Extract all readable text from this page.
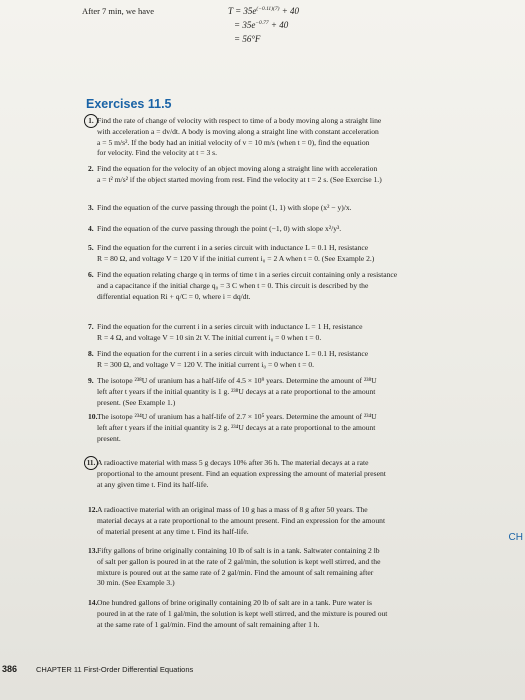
After 7 min, we have	$T = 35e^{(-0.11)(7)} + 40$
= $35e^{-0.77} + 40$
= 56°F
Exercises 11.5
1. Find the rate of change of velocity with respect to time of a body moving along a straight line
with acceleration a = dv/dt. A body is moving along a straight line with constant acceleration
a = 5 m/s². If the body had an initial velocity of v = 10 m/s (when t = 0), find the equation
for velocity. Find the velocity at t = 3 s.
2. Find the equation for the velocity of an object moving along a straight line with acceleration
a = t² m/s² if the object started moving from rest. Find the velocity at t = 2 s. (See Exercise 1.)
3. Find the equation of the curve passing through the point (1, 1) with slope (x² − y)/x.
4. Find the equation of the curve passing through the point (−1, 0) with slope x²/y³.
5. Find the equation for the current i in a series circuit with inductance L = 0.1 H, resistance
R = 80 Ω, and voltage V = 120 V if the initial current i₀ = 2 A when t = 0. (See Example 2.)
6. Find the equation relating charge q in terms of time t in a series circuit containing only a resistance
and a capacitance if the initial charge q₀ = 3 C when t = 0. This circuit is described by the
differential equation Ri + q/C = 0, where i = dq/dt.
7. Find the equation for the current i in a series circuit with inductance L = 1 H, resistance
R = 4 Ω, and voltage V = 10 sin 2t V. The initial current i₀ = 0 when t = 0.
8. Find the equation for the current i in a series circuit with inductance L = 0.1 H, resistance
R = 300 Ω, and voltage V = 120 V. The initial current i₀ = 0 when t = 0.
9. The isotope ²³⁸U of uranium has a half-life of 4.5 × 10⁹ years. Determine the amount of ²³⁸U
left after t years if the initial quantity is 1 g. ²³⁸U decays at a rate proportional to the amount
present. (See Example 1.)
10. The isotope ²³⁴U of uranium has a half-life of 2.7 × 10⁵ years. Determine the amount of ²³⁴U
left after t years if the initial quantity is 2 g. ²³⁴U decays at a rate proportional to the amount
present.
11. A radioactive material with mass 5 g decays 10% after 36 h. The material decays at a rate
proportional to the amount present. Find an equation expressing the amount of material present
at any given time t. Find its half-life.
12. A radioactive material with an original mass of 10 g has a mass of 8 g after 50 years. The
material decays at a rate proportional to the amount present. Find an expression for the amount
of material present at any time t. Find its half-life.
13. Fifty gallons of brine originally containing 10 lb of salt is in a tank. Saltwater containing 2 lb
of salt per gallon is poured in at the rate of 2 gal/min, the solution is kept well stirred, and the
mixture is poured out at the same rate of 2 gal/min. Find the amount of salt remaining after
30 min. (See Example 3.)
14. One hundred gallons of brine originally containing 20 lb of salt are in a tank. Pure water is
poured in at the rate of 1 gal/min, the solution is kept well stirred, and the mixture is poured out
at the same rate of 1 gal/min. Find the amount of salt remaining after 1 h.
386	CHAPTER 11 First-Order Differential Equations
CH
